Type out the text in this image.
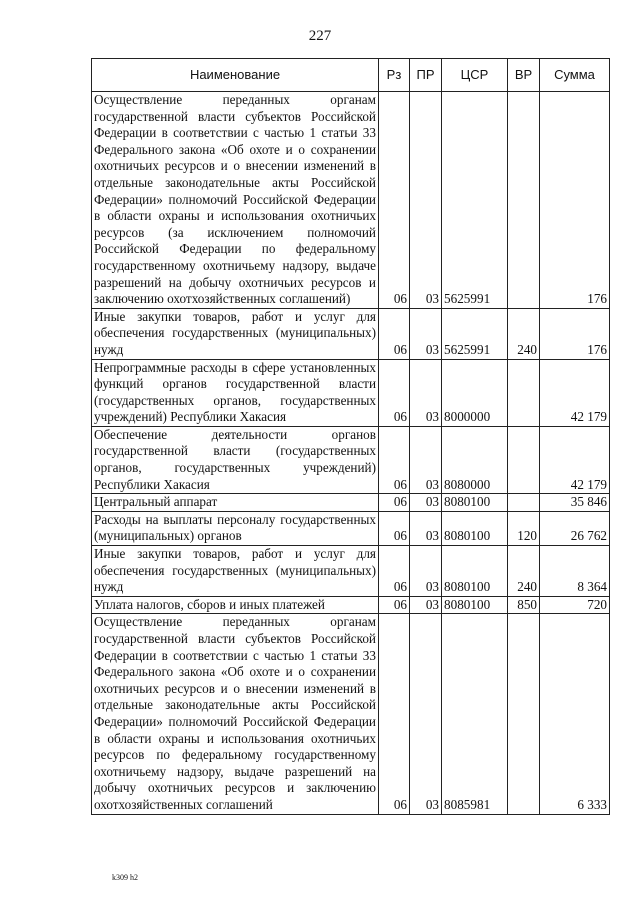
227
Наименование	Рз	ПР	ЦСР	ВР	Сумма
Осуществление переданных органам государственной власти субъектов Российской Федерации в соответствии с частью 1 статьи 33 Федерального закона «Об охоте и о сохранении охотничьих ресурсов и о внесении изменений в отдельные законодательные акты Российской Федерации» полномочий Российской Федерации в области охраны и использования охотничьих ресурсов (за исключением полномочий Российской Федерации по федеральному государственному охотничьему надзору, выдаче разрешений на добычу охотничьих ресурсов и заключению охотхозяйственных соглашений)	06	03	5625991		176
Иные закупки товаров, работ и услуг для обеспечения государственных (муниципальных) нужд	06	03	5625991	240	176
Непрограммные расходы в сфере установленных функций органов государственной власти (государственных органов, государственных учреждений) Республики Хакасия	06	03	8000000		42 179
Обеспечение деятельности органов государственной власти (государственных органов, государственных учреждений) Республики Хакасия	06	03	8080000		42 179
Центральный аппарат	06	03	8080100		35 846
Расходы на выплаты персоналу государственных (муниципальных) органов	06	03	8080100	120	26 762
Иные закупки товаров, работ и услуг для обеспечения государственных (муниципальных) нужд	06	03	8080100	240	8 364
Уплата налогов, сборов и иных платежей	06	03	8080100	850	720
Осуществление переданных органам государственной власти субъектов Российской Федерации в соответствии с частью 1 статьи 33 Федерального закона «Об охоте и о сохранении охотничьих ресурсов и о внесении изменений в отдельные законодательные акты Российской Федерации» полномочий Российской Федерации в области охраны и использования охотничьих ресурсов по федеральному государственному охотничьему надзору, выдаче разрешений на добычу охотничьих ресурсов и заключению охотхозяйственных соглашений	06	03	8085981		6 333
k309 h2
